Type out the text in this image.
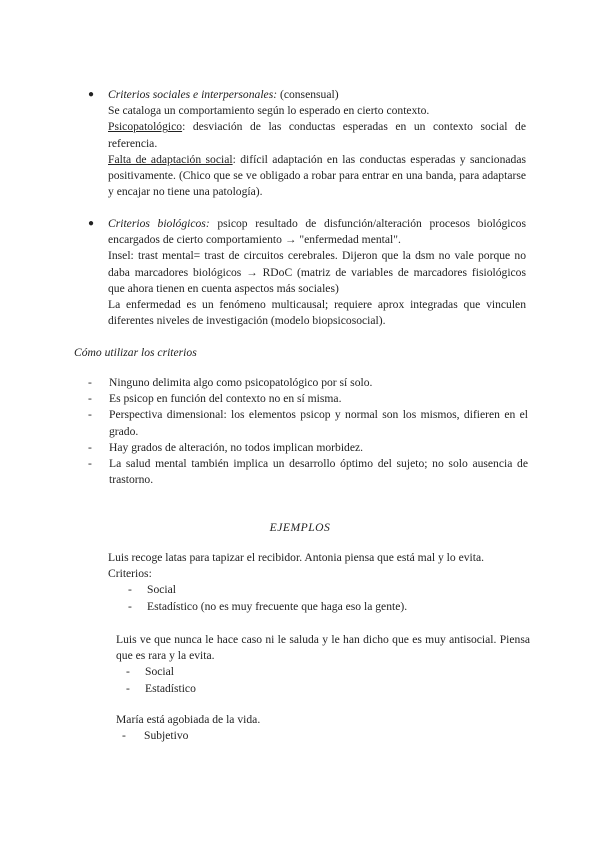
● Criterios sociales e interpersonales: (consensual)

Se cataloga un comportamiento según lo esperado en cierto contexto.

Psicopatológico: desviación de las conductas esperadas en un contexto social de referencia.

Falta de adaptación social: difícil adaptación en las conductas esperadas y sancionadas positivamente. (Chico que se ve obligado a robar para entrar en una banda, para adaptarse y encajar no tiene una patología).

● Criterios biológicos: psicop resultado de disfunción/alteración procesos biológicos encargados de cierto comportamiento → "enfermedad mental".

Insel: trast mental= trast de circuitos cerebrales. Dijeron que la dsm no vale porque no daba marcadores biológicos → RDoC (matriz de variables de marcadores fisiológicos que ahora tienen en cuenta aspectos más sociales)

La enfermedad es un fenómeno multicausal; requiere aprox integradas que vinculen diferentes niveles de investigación (modelo biopsicosocial).

Cómo utilizar los criterios
- Ninguno delimita algo como psicopatológico por sí solo.
- Es psicop en función del contexto no en sí misma.
- Perspectiva dimensional: los elementos psicop y normal son los mismos, difieren en el grado.
- Hay grados de alteración, no todos implican morbidez.
- La salud mental también implica un desarrollo óptimo del sujeto; no solo ausencia de trastorno.
EJEMPLOS

Luis recoge latas para tapizar el recibidor. Antonia piensa que está mal y lo evita.

Criterios:

- Social
- Estadístico (no es muy frecuente que haga eso la gente).

Luis ve que nunca le hace caso ni le saluda y le han dicho que es muy antisocial. Piensa que es rara y la evita.

- Social
- Estadístico

María está agobiada de la vida.

- Subjetivo
